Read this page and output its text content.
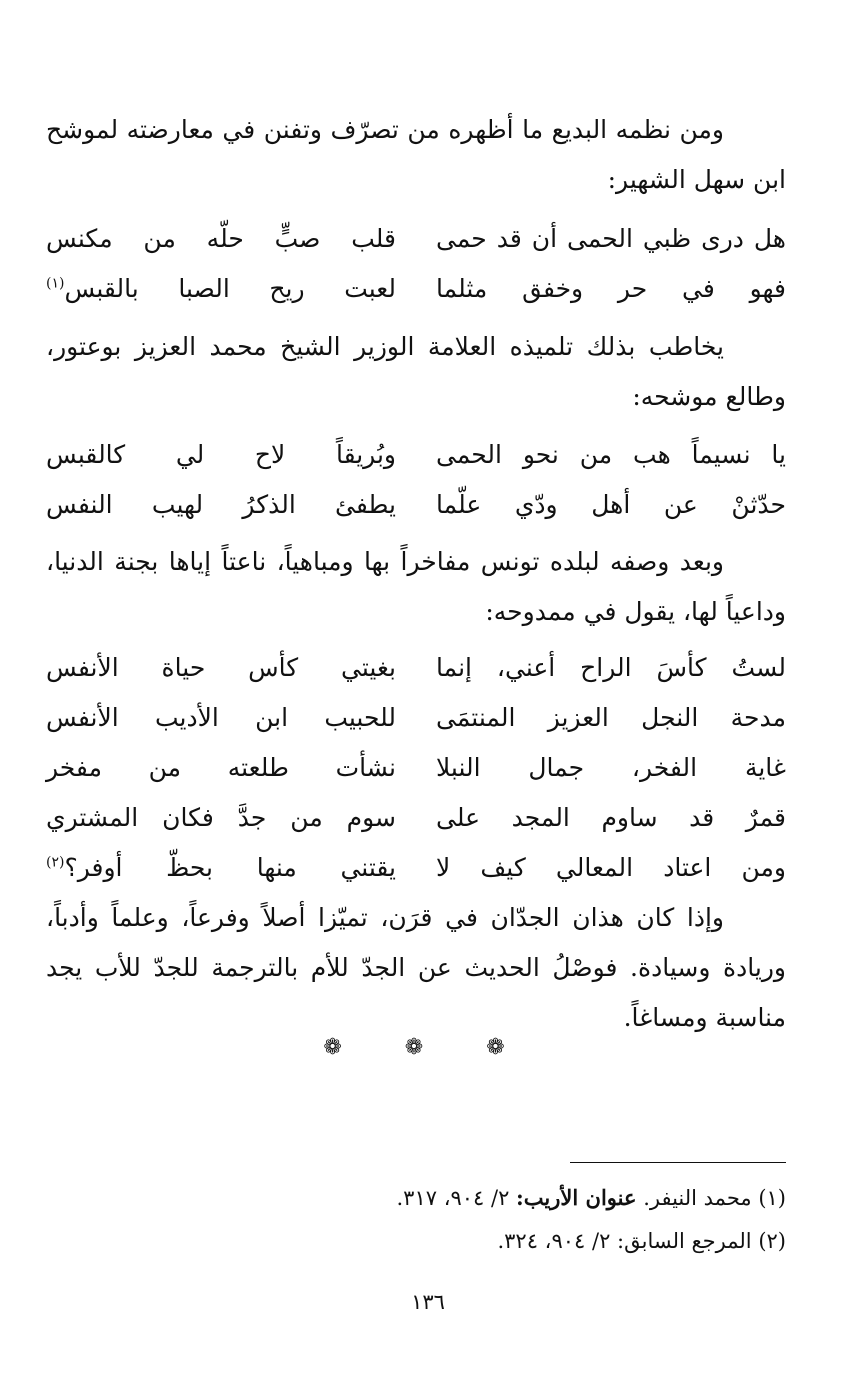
ومن نظمه البديع ما أظهره من تصرّف وتفنن في معارضته لموشح ابن سهل الشهير:

هل درى ظبي الحمى أن قد حمى
قلب صبٍّ حلّه من مكنس
فهو في حر وخفق مثلما
لعبت ريح الصبا بالقبس$^{(١)}$

يخاطب بذلك تلميذه العلامة الوزير الشيخ محمد العزيز بوعتور، وطالع موشحه:

يا نسيماً هب من نحو الحمى
وبُريقاً لاح لي كالقبس
حدّثنْ عن أهل ودّي علّما
يطفئ الذكرُ لهيب النفس

وبعد وصفه لبلده تونس مفاخراً بها ومباهياً، ناعتاً إياها بجنة الدنيا، وداعياً لها، يقول في ممدوحه:

لستُ كأسَ الراح أعني، إنما
بغيتي كأس حياة الأنفس
مدحة النجل العزيز المنتمَى
للحبيب ابن الأديب الأنفس
غاية الفخر، جمال النبلا
نشأت طلعته من مفخر
قمرٌ قد ساوم المجد على
سوم من جدَّ فكان المشتري
ومن اعتاد المعالي كيف لا
يقتني منها بحظّ أوفر؟$^{(٢)}$

وإذا كان هذان الجدّان في قرَن، تميّزا أصلاً وفرعاً، وعلماً وأدباً، وريادة وسيادة. فوصْلُ الحديث عن الجدّ للأم بالترجمة للجدّ للأب يجد مناسبة ومساغاً.

❁ ❁ ❁
(١) محمد النيفر. عنوان الأريب: ٢/ ٩٠٤، ٣١٧.
(٢) المرجع السابق: ٢/ ٩٠٤، ٣٢٤.
١٣٦
